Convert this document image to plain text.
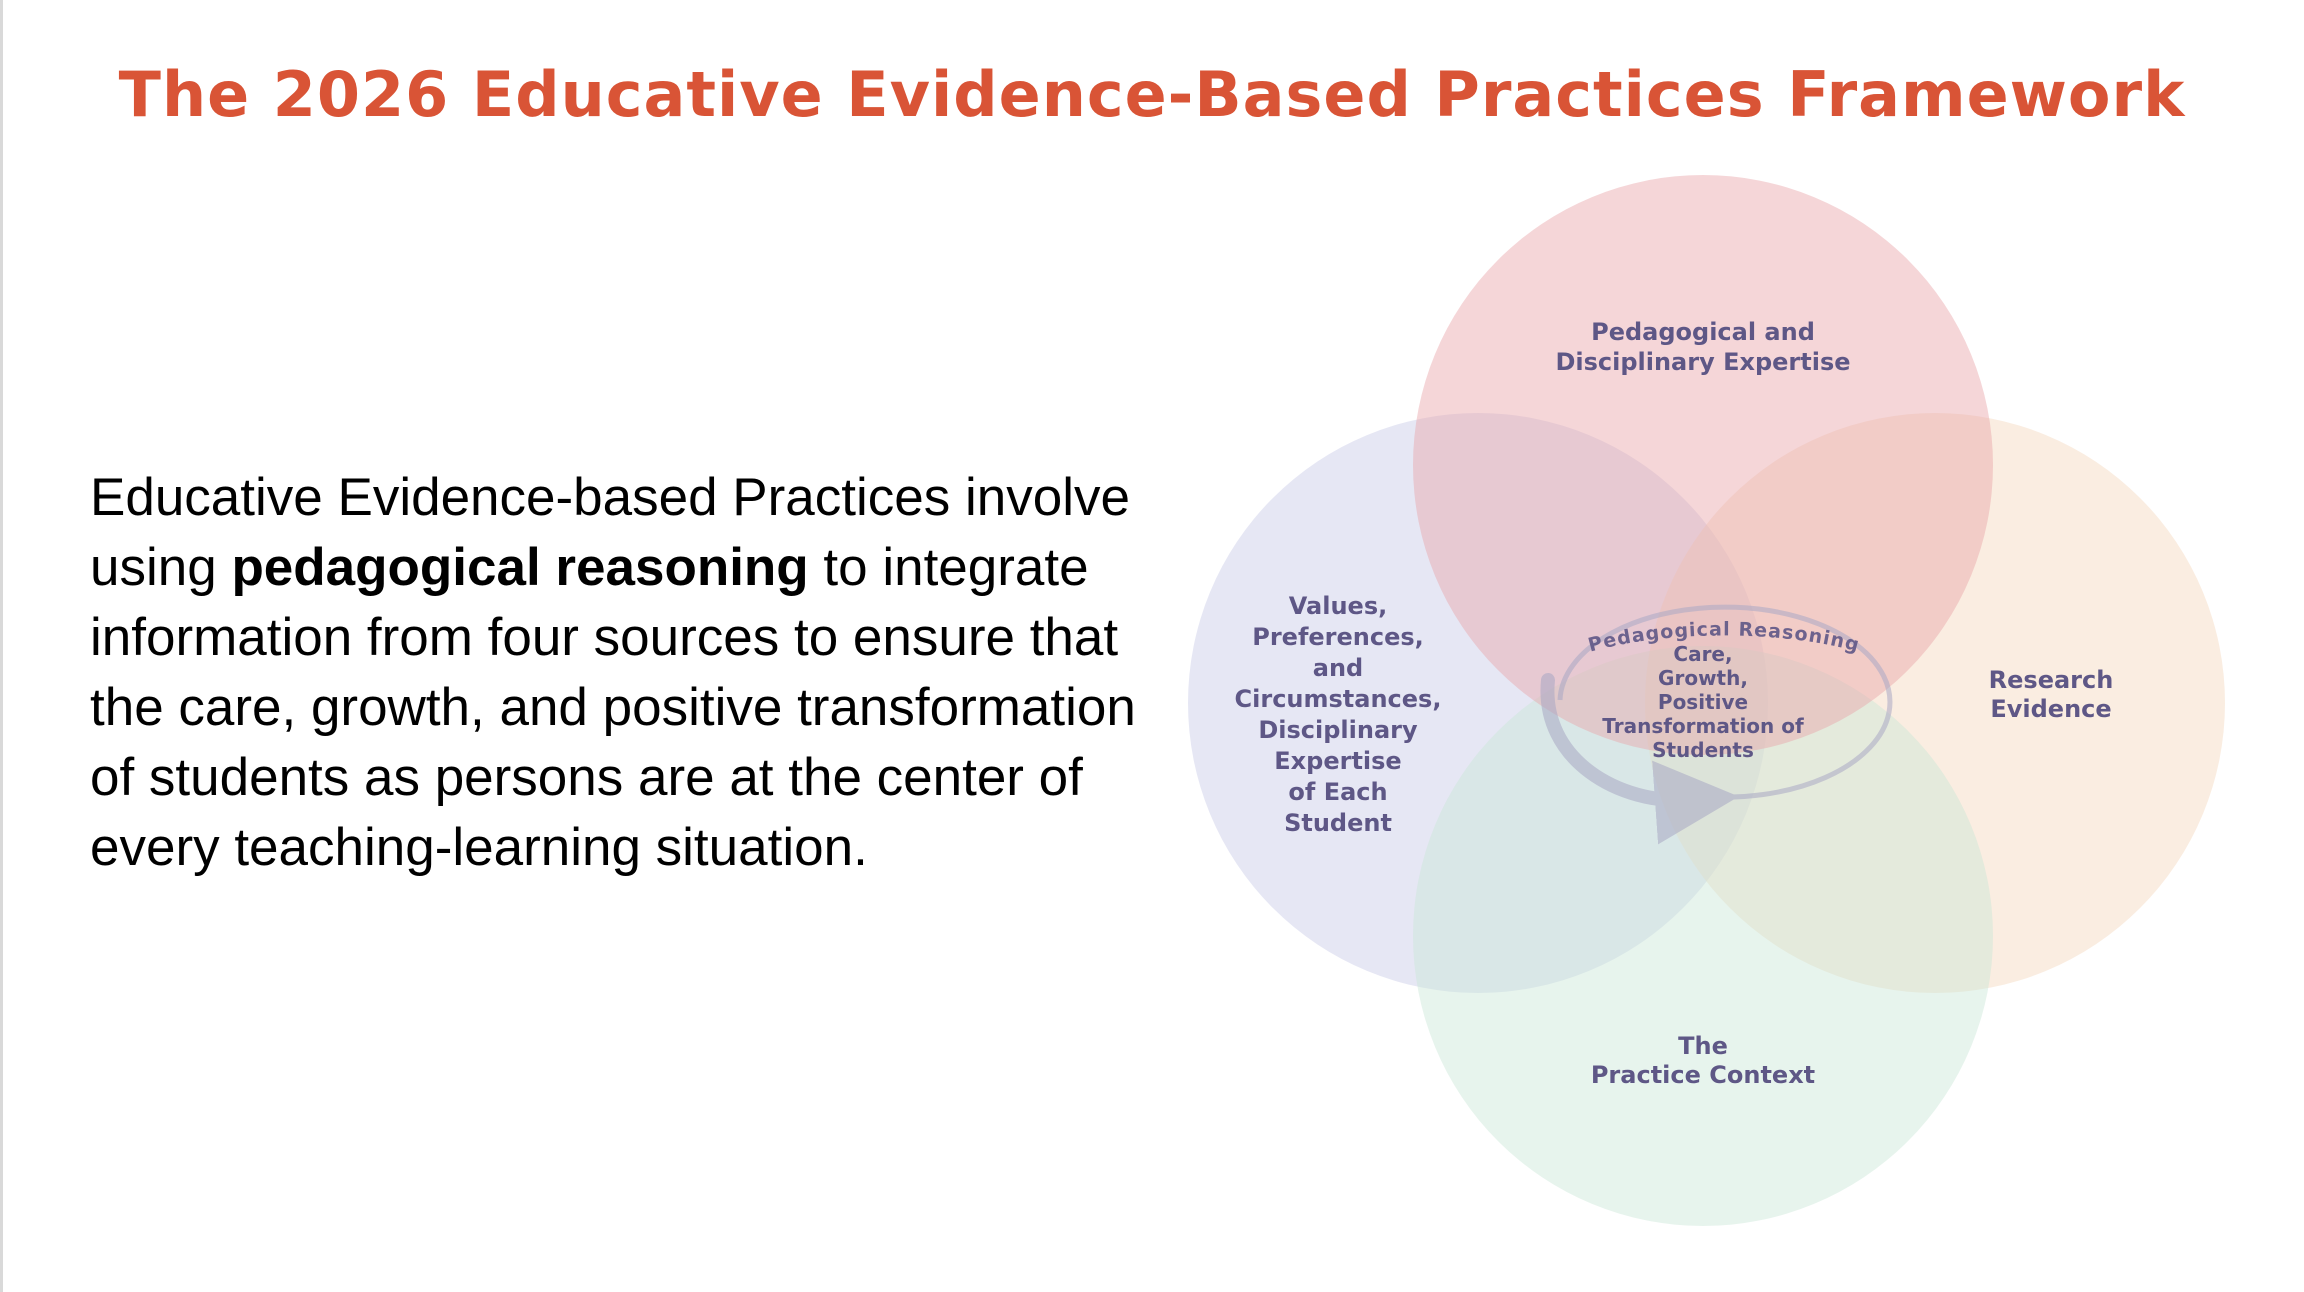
The 2026 Educative Evidence-Based Practices Framework

Educative Evidence-based Practices involve using pedagogical reasoning to integrate information from four sources to ensure that the care, growth, and positive transformation of students as persons are at the center of every teaching-learning situation.

Pedagogical Reasoning
Pedagogical and Disciplinary Expertise
Values, Preferences, and Circumstances, Disciplinary Expertise of Each Student
Research Evidence
The Practice Context
Care, Growth, Positive Transformation of Students
